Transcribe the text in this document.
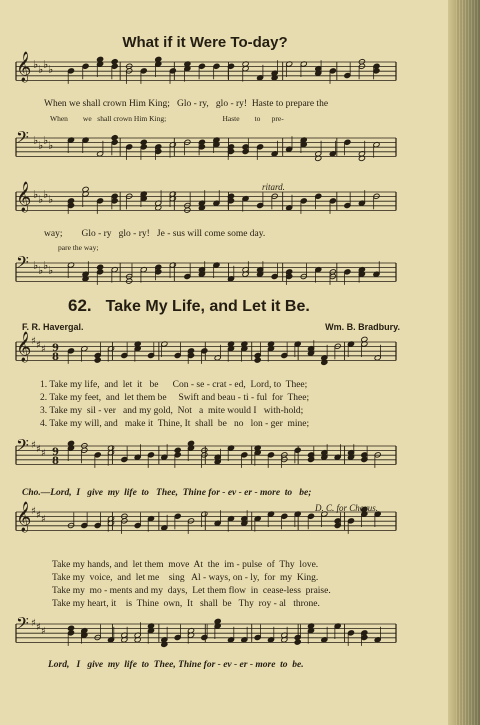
What if it Were To-day?
𝄞 ♭ ♭ ♭ ♭
𝄢 ♭ ♭ ♭ ♭
𝄞 ♭ ♭ ♭ ♭
𝄢 ♭ ♭ ♭ ♭
𝄞 ♯ ♯ ♯
𝄢 ♯ ♯ ♯
𝄞 ♯ ♯ ♯
𝄢 ♯ ♯ ♯
9
8
9
8
When we shall crown Him King;   Glo - ry,   glo - ry!  Haste to prepare the
When        we   shall crown Him King;                              Haste        to      pre-
ritard.
way;        Glo - ry   glo - ry!   Je - sus will come some day.
pare the way;
62. Take My Life, and Let it Be.
F. R. Havergal.	Wm. B. Bradbury.
1. Take my life,  and  let  it   be      Con - se - crat - ed,  Lord, to  Thee;
2. Take my feet,  and  let them be     Swift and beau - ti - ful  for  Thee;
3. Take my  sil - ver   and my gold,  Not   a  mite would I   with-hold;
4. Take my will, and   make it  Thine, It  shall  be   no   lon - ger  mine;
Cho.—Lord,  I   give  my  life  to   Thee,  Thine for - ev - er - more  to   be;
D. C. for Chorus.
Take my hands, and  let them  move  At  the  im - pulse  of  Thy  love.
Take my  voice,  and  let me    sing   Al - ways, on - ly,  for  my  King.
Take my  mo - ments and my  days,  Let them flow  in  cease-less  praise.
Take my heart, it    is  Thine  own,  It   shall  be   Thy  roy - al   throne.
Lord,   I   give  my  life  to  Thee, Thine for - ev - er - more  to  be.
